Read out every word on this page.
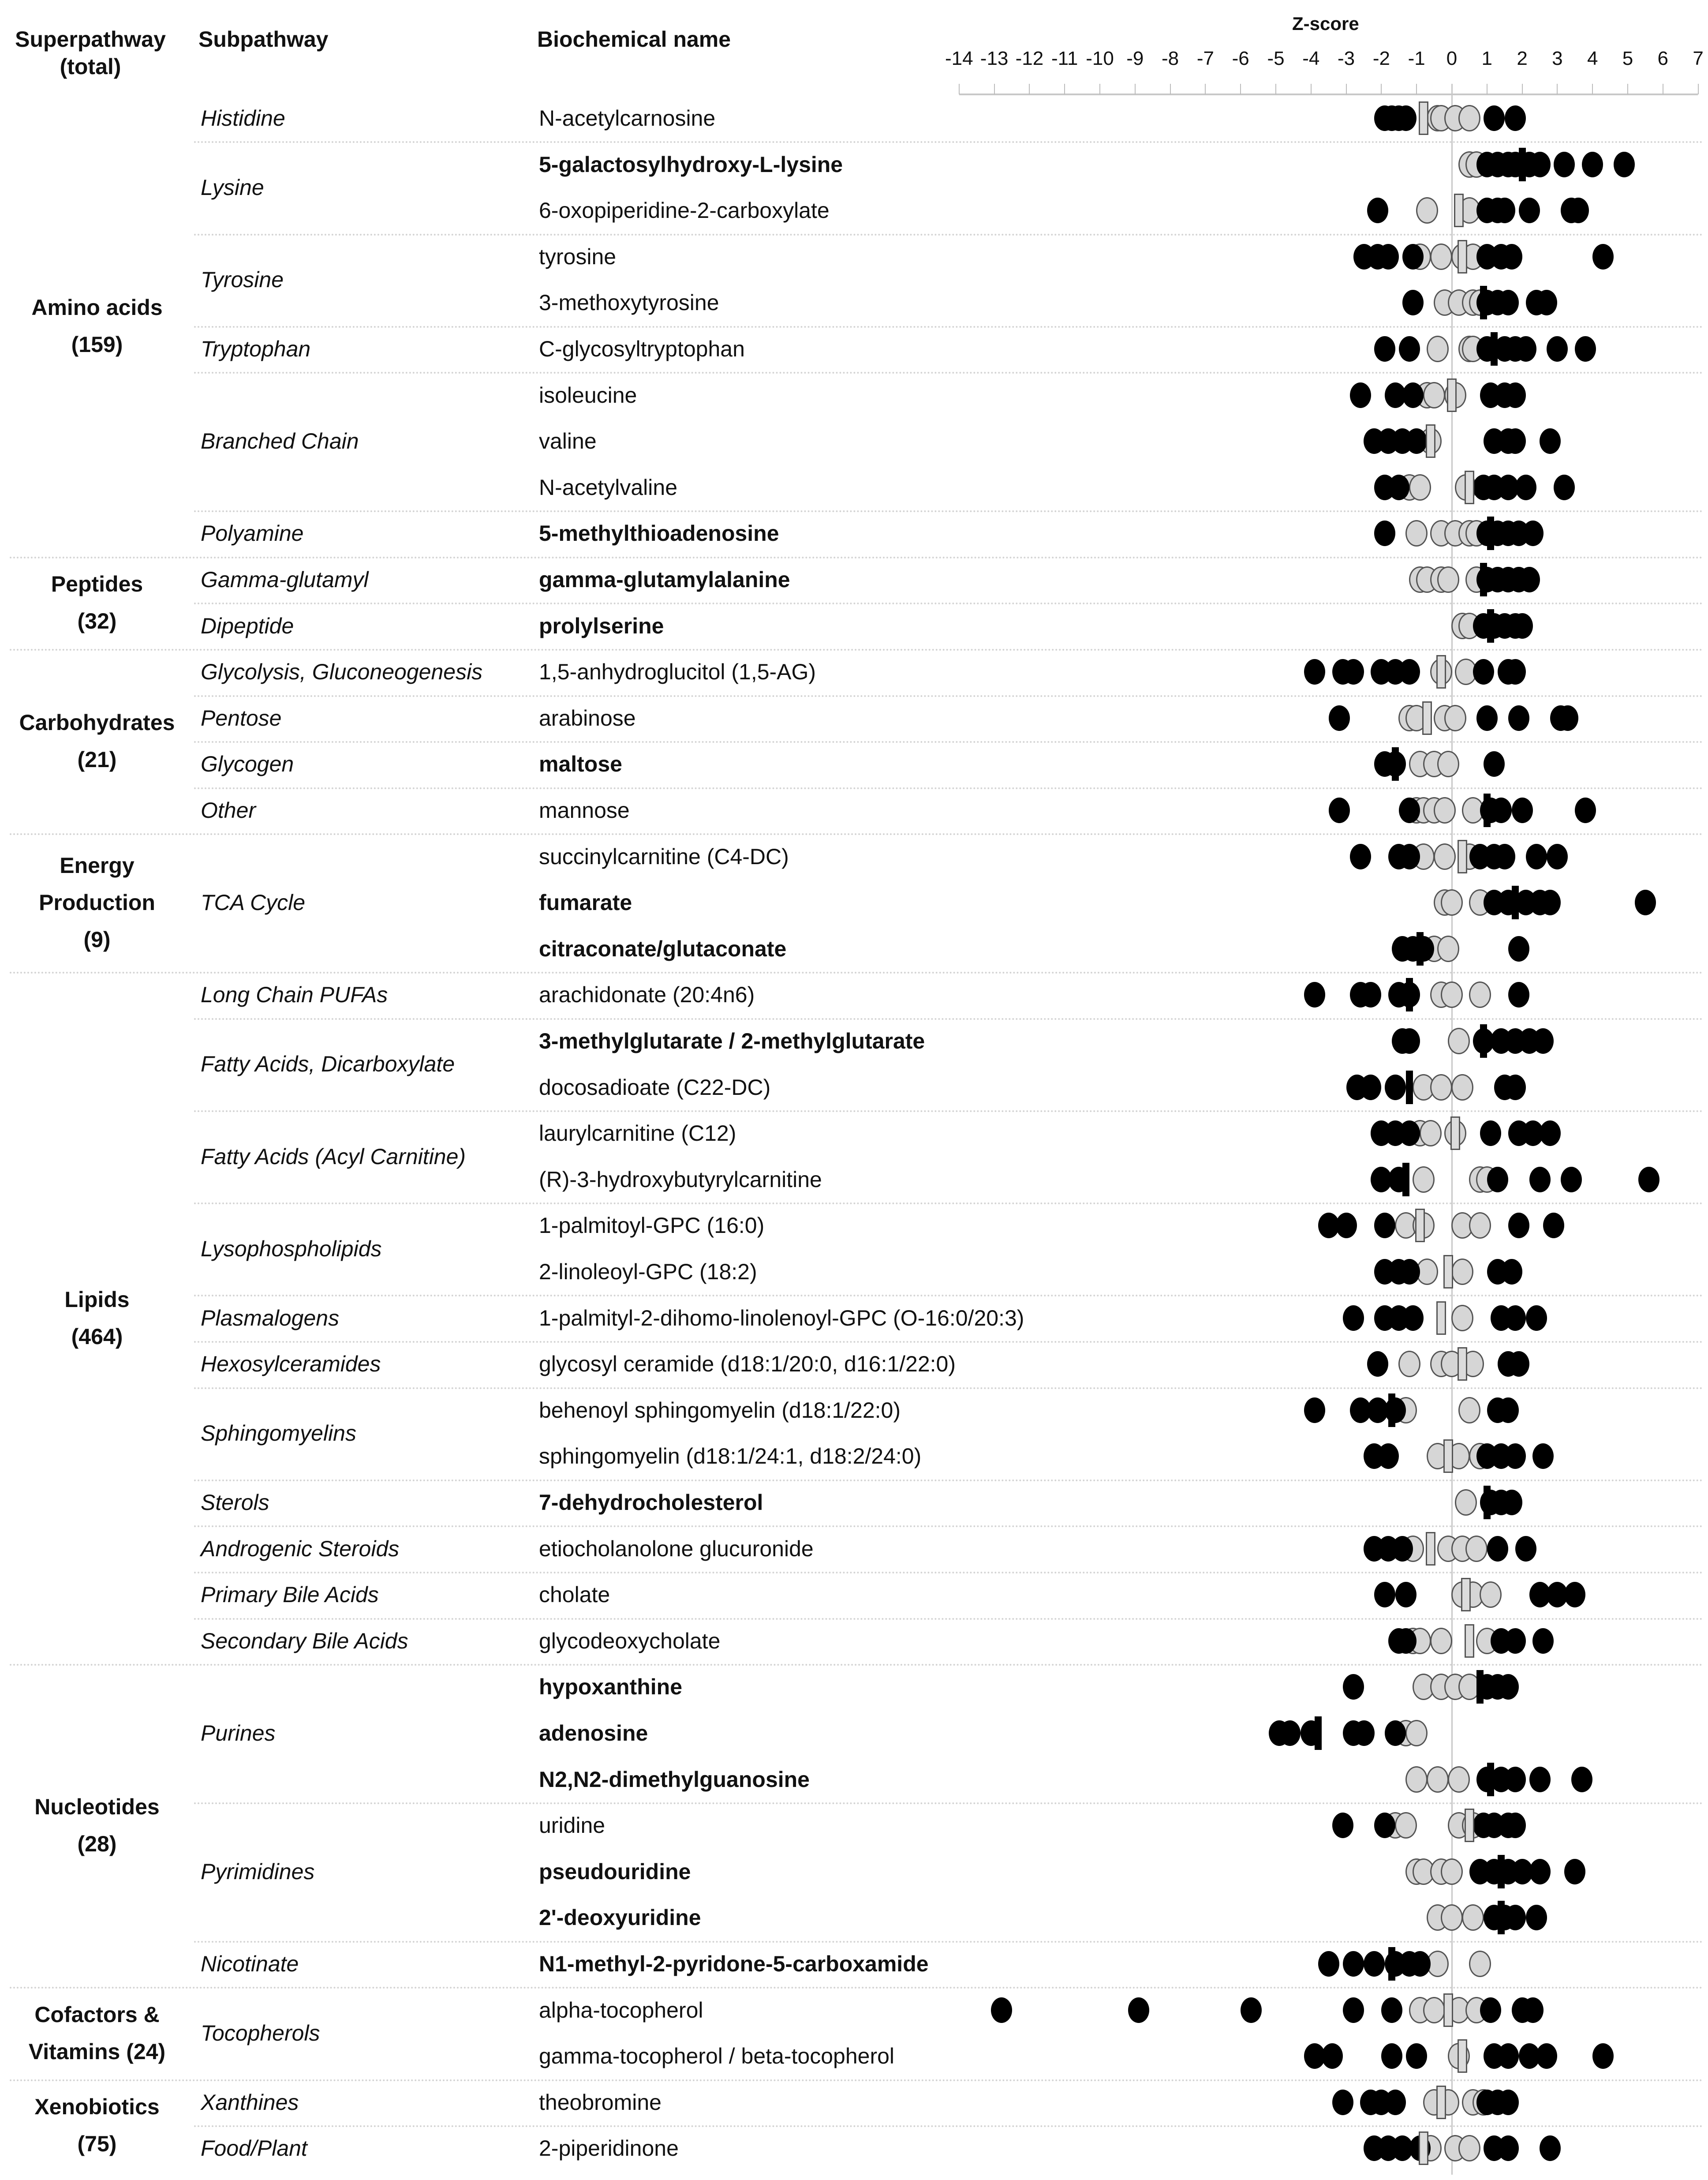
Superpathway
(total)
Subpathway	Biochemical name
Z-score
-14 -13 -12 -11 -10 -9 -8 -7 -6 -5 -4 -3 -2 -1 0 1 2 3 4 5 6 7
N-acetylcarnosine
5-galactosylhydroxy-L-lysine
6-oxopiperidine-2-carboxylate
tyrosine
3-methoxytyrosine
C-glycosyltryptophan
isoleucine
valine
N-acetylvaline
5-methylthioadenosine
gamma-glutamylalanine
prolylserine
1,5-anhydroglucitol (1,5-AG)
arabinose
maltose
mannose
succinylcarnitine (C4-DC)
fumarate
citraconate/glutaconate
arachidonate (20:4n6)
3-methylglutarate / 2-methylglutarate
docosadioate (C22-DC)
laurylcarnitine (C12)
(R)-3-hydroxybutyrylcarnitine
1-palmitoyl-GPC (16:0)
2-linoleoyl-GPC (18:2)
1-palmityl-2-dihomo-linolenoyl-GPC (O-16:0/20:3)
glycosyl ceramide (d18:1/20:0, d16:1/22:0)
behenoyl sphingomyelin (d18:1/22:0)
sphingomyelin (d18:1/24:1, d18:2/24:0)
7-dehydrocholesterol
etiocholanolone glucuronide
cholate
glycodeoxycholate
hypoxanthine
adenosine
N2,N2-dimethylguanosine
uridine
pseudouridine
2'-deoxyuridine
N1-methyl-2-pyridone-5-carboxamide
alpha-tocopherol
gamma-tocopherol / beta-tocopherol
theobromine
2-piperidinone
Histidine
Lysine
Tyrosine
Tryptophan
Branched Chain
Polyamine
Gamma-glutamyl
Dipeptide
Glycolysis, Gluconeogenesis
Pentose
Glycogen
Other
TCA Cycle
Long Chain PUFAs
Fatty Acids, Dicarboxylate
Fatty Acids (Acyl Carnitine)
Lysophospholipids
Plasmalogens
Hexosylceramides
Sphingomyelins
Sterols
Androgenic Steroids
Primary Bile Acids
Secondary Bile Acids
Purines
Pyrimidines
Nicotinate
Tocopherols
Xanthines
Food/Plant
Amino acids
(159)
Peptides
(32)
Carbohydrates
(21)
Energy
Production
(9)
Lipids
(464)
Nucleotides
(28)
Cofactors &
Vitamins (24)
Xenobiotics
(75)
